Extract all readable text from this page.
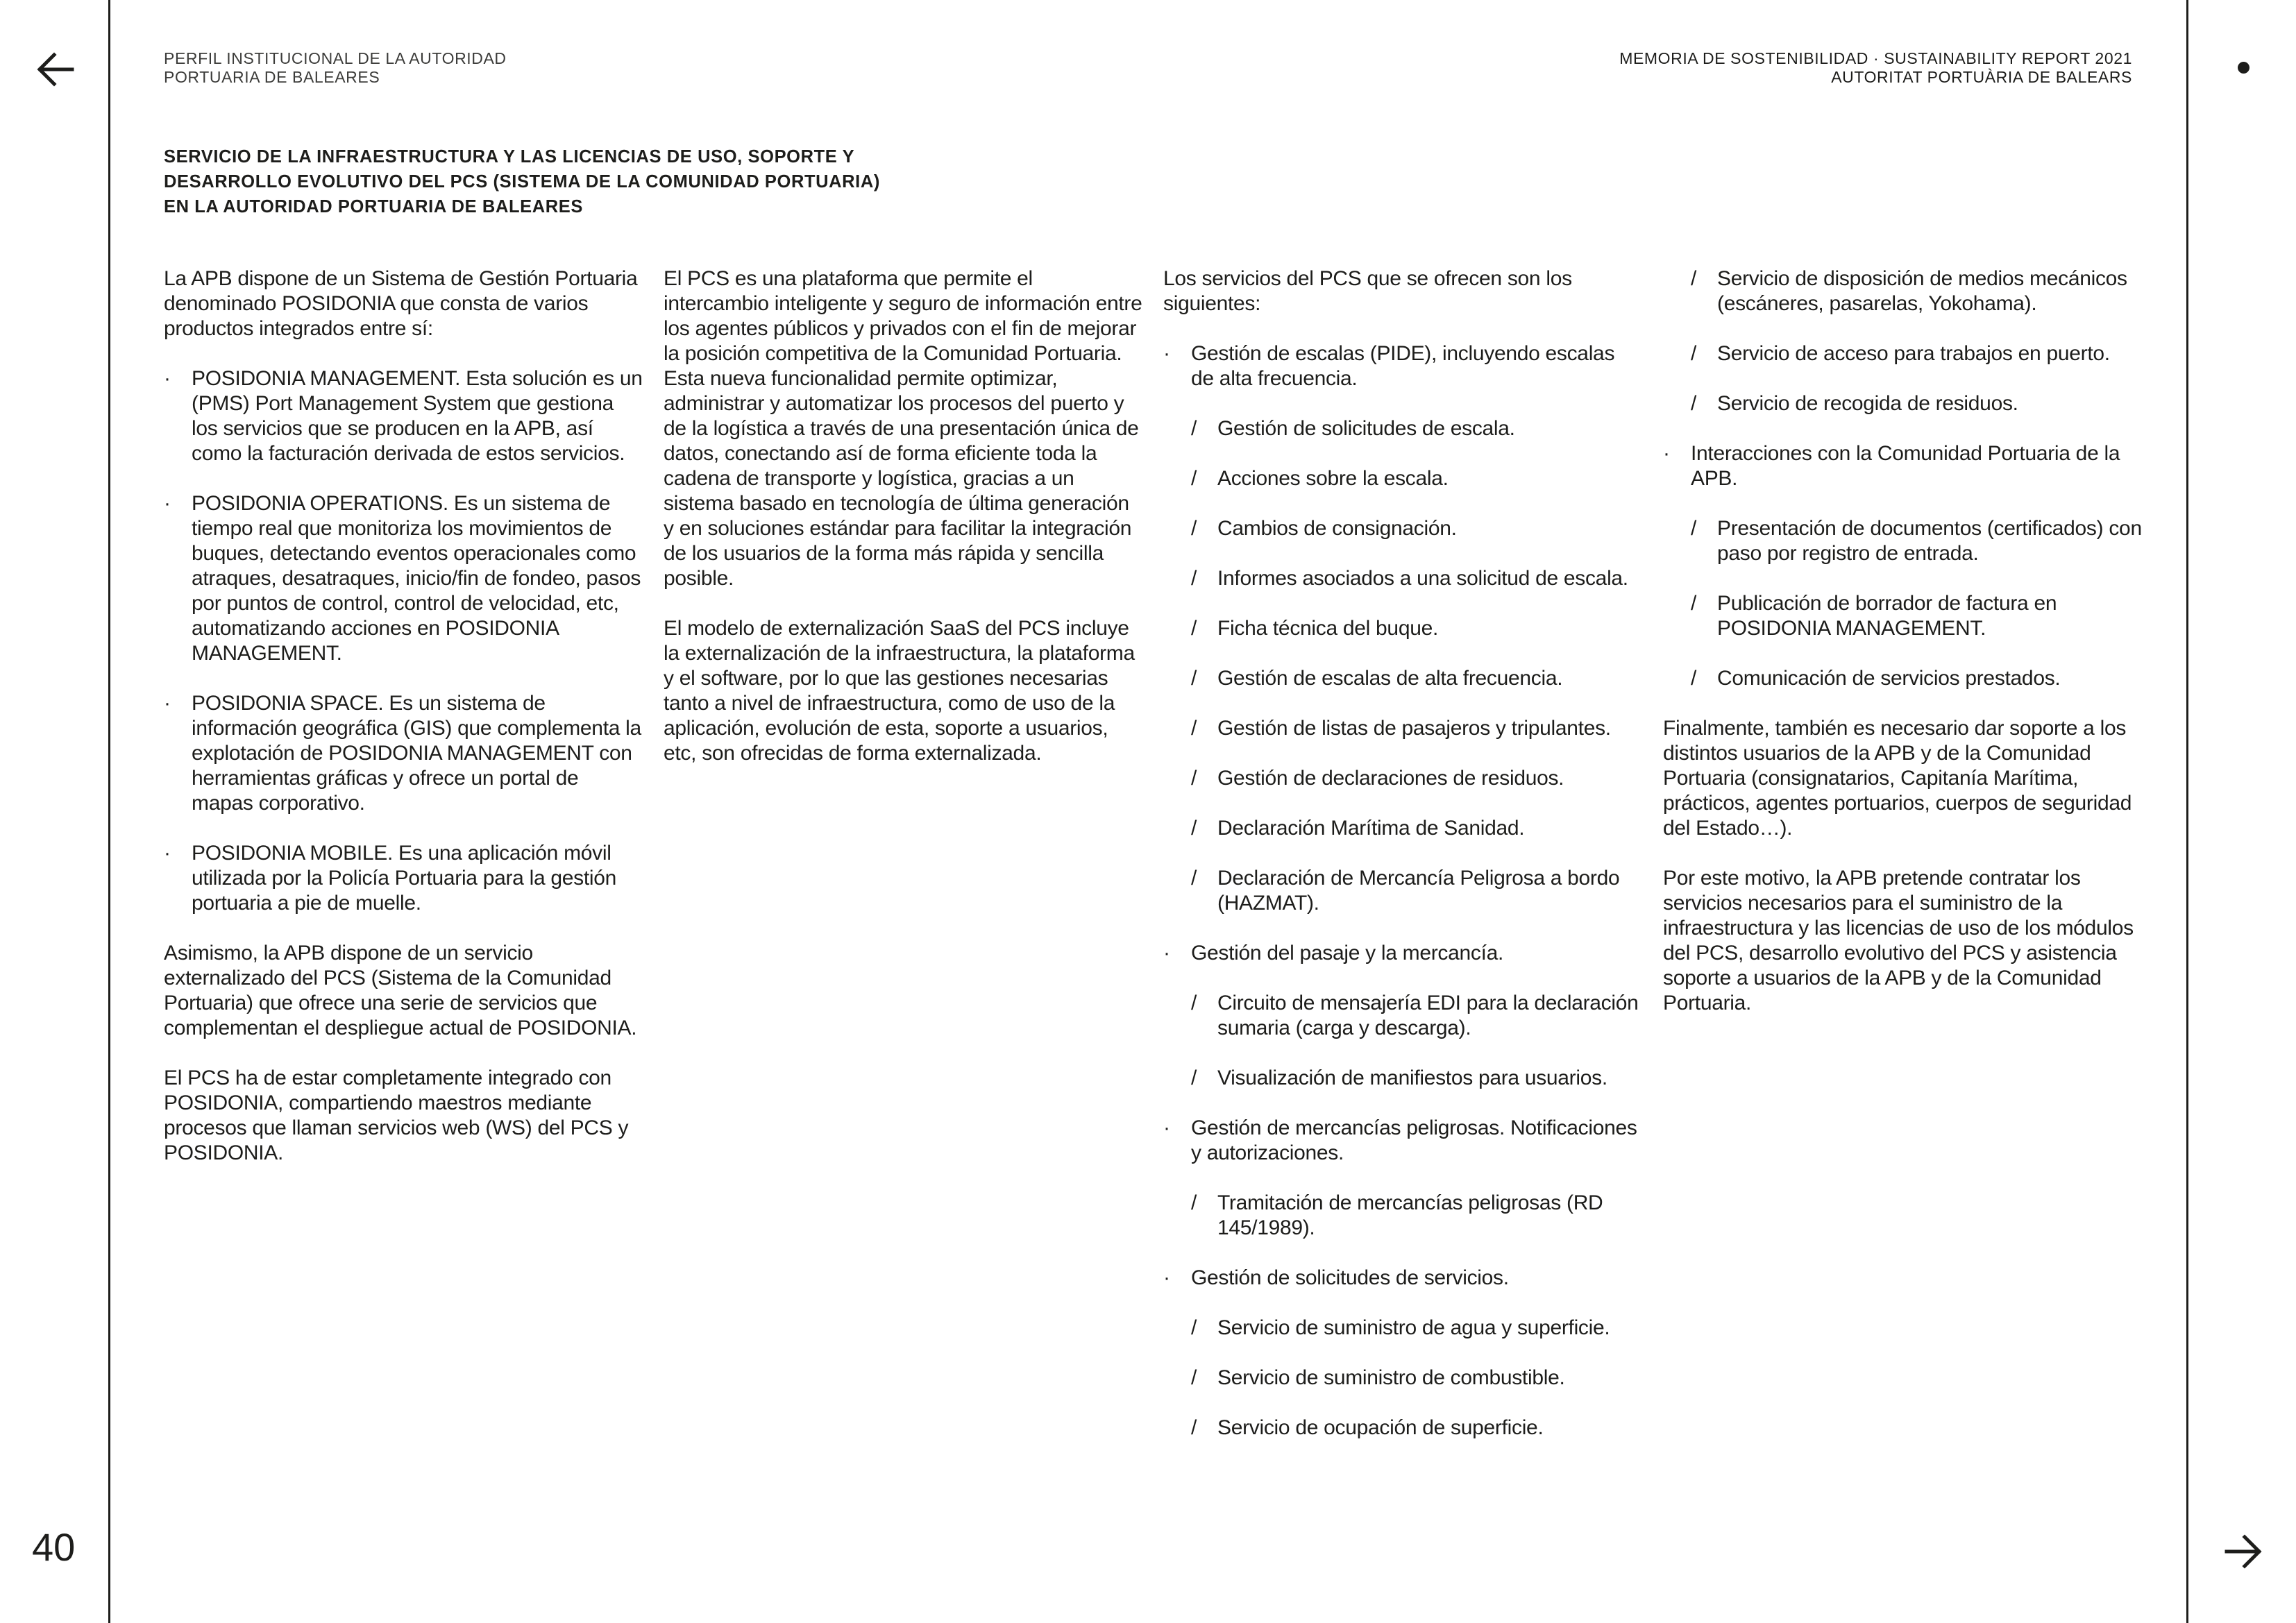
40
PERFIL INSTITUCIONAL DE LA AUTORIDAD
PORTUARIA DE BALEARES
MEMORIA DE SOSTENIBILIDAD · SUSTAINABILITY REPORT 2021
AUTORITAT PORTUÀRIA DE BALEARS
SERVICIO DE LA INFRAESTRUCTURA Y LAS LICENCIAS DE USO, SOPORTE Y
DESARROLLO EVOLUTIVO DEL PCS (SISTEMA DE LA COMUNIDAD PORTUARIA)
EN LA AUTORIDAD PORTUARIA DE BALEARES

La APB dispone de un Sistema de Gestión Portuaria denominado POSIDONIA que consta de varios productos integrados entre sí:

· POSIDONIA MANAGEMENT. Esta solución es un (PMS) Port Management System que gestiona los servicios que se producen en la APB, así como la facturación derivada de estos servicios.
· POSIDONIA OPERATIONS. Es un sistema de tiempo real que monitoriza los movimientos de buques, detectando eventos operacionales como atraques, desatraques, inicio/fin de fondeo, pasos por puntos de control, control de velocidad, etc, automatizando acciones en POSIDONIA MANAGEMENT.
· POSIDONIA SPACE. Es un sistema de información geográfica (GIS) que complementa la explotación de POSIDONIA MANAGEMENT con herramientas gráficas y ofrece un portal de mapas corporativo.
· POSIDONIA MOBILE. Es una aplicación móvil utilizada por la Policía Portuaria para la gestión portuaria a pie de muelle.

Asimismo, la APB dispone de un servicio externalizado del PCS (Sistema de la Comunidad Portuaria) que ofrece una serie de servicios que complementan el despliegue actual de POSIDONIA.

El PCS ha de estar completamente integrado con POSIDONIA, compartiendo maestros mediante procesos que llaman servicios web (WS) del PCS y POSIDONIA.

El PCS es una plataforma que permite el intercambio inteligente y seguro de información entre los agentes públicos y privados con el fin de mejorar la posición competitiva de la Comunidad Portuaria. Esta nueva funcionalidad permite optimizar, administrar y automatizar los procesos del puerto y de la logística a través de una presentación única de datos, conectando así de forma eficiente toda la cadena de transporte y logística, gracias a un sistema basado en tecnología de última generación y en soluciones estándar para facilitar la integración de los usuarios de la forma más rápida y sencilla posible.

El modelo de externalización SaaS del PCS incluye la externalización de la infraestructura, la plataforma y el software, por lo que las gestiones necesarias tanto a nivel de infraestructura, como de uso de la aplicación, evolución de esta, soporte a usuarios, etc, son ofrecidas de forma externalizada.

Los servicios del PCS que se ofrecen son los siguientes:

· Gestión de escalas (PIDE), incluyendo escalas de alta frecuencia.
/ Gestión de solicitudes de escala.
/ Acciones sobre la escala.
/ Cambios de consignación.
/ Informes asociados a una solicitud de escala.
/ Ficha técnica del buque.
/ Gestión de escalas de alta frecuencia.
/ Gestión de listas de pasajeros y tripulantes.
/ Gestión de declaraciones de residuos.
/ Declaración Marítima de Sanidad.
/ Declaración de Mercancía Peligrosa a bordo (HAZMAT).
· Gestión del pasaje y la mercancía.
/ Circuito de mensajería EDI para la declaración sumaria (carga y descarga).
/ Visualización de manifiestos para usuarios.
· Gestión de mercancías peligrosas. Notificaciones y autorizaciones.
/ Tramitación de mercancías peligrosas (RD 145/1989).
· Gestión de solicitudes de servicios.
/ Servicio de suministro de agua y superficie.
/ Servicio de suministro de combustible.
/ Servicio de ocupación de superficie.
/ Servicio de disposición de medios mecánicos (escáneres, pasarelas, Yokohama).
/ Servicio de acceso para trabajos en puerto.
/ Servicio de recogida de residuos.
· Interacciones con la Comunidad Portuaria de la APB.
/ Presentación de documentos (certificados) con paso por registro de entrada.
/ Publicación de borrador de factura en POSIDONIA MANAGEMENT.
/ Comunicación de servicios prestados.

Finalmente, también es necesario dar soporte a los distintos usuarios de la APB y de la Comunidad Portuaria (consignatarios, Capitanía Marítima, prácticos, agentes portuarios, cuerpos de seguridad del Estado…).

Por este motivo, la APB pretende contratar los servicios necesarios para el suministro de la infraestructura y las licencias de uso de los módulos del PCS, desarrollo evolutivo del PCS y asistencia soporte a usuarios de la APB y de la Comunidad Portuaria.
